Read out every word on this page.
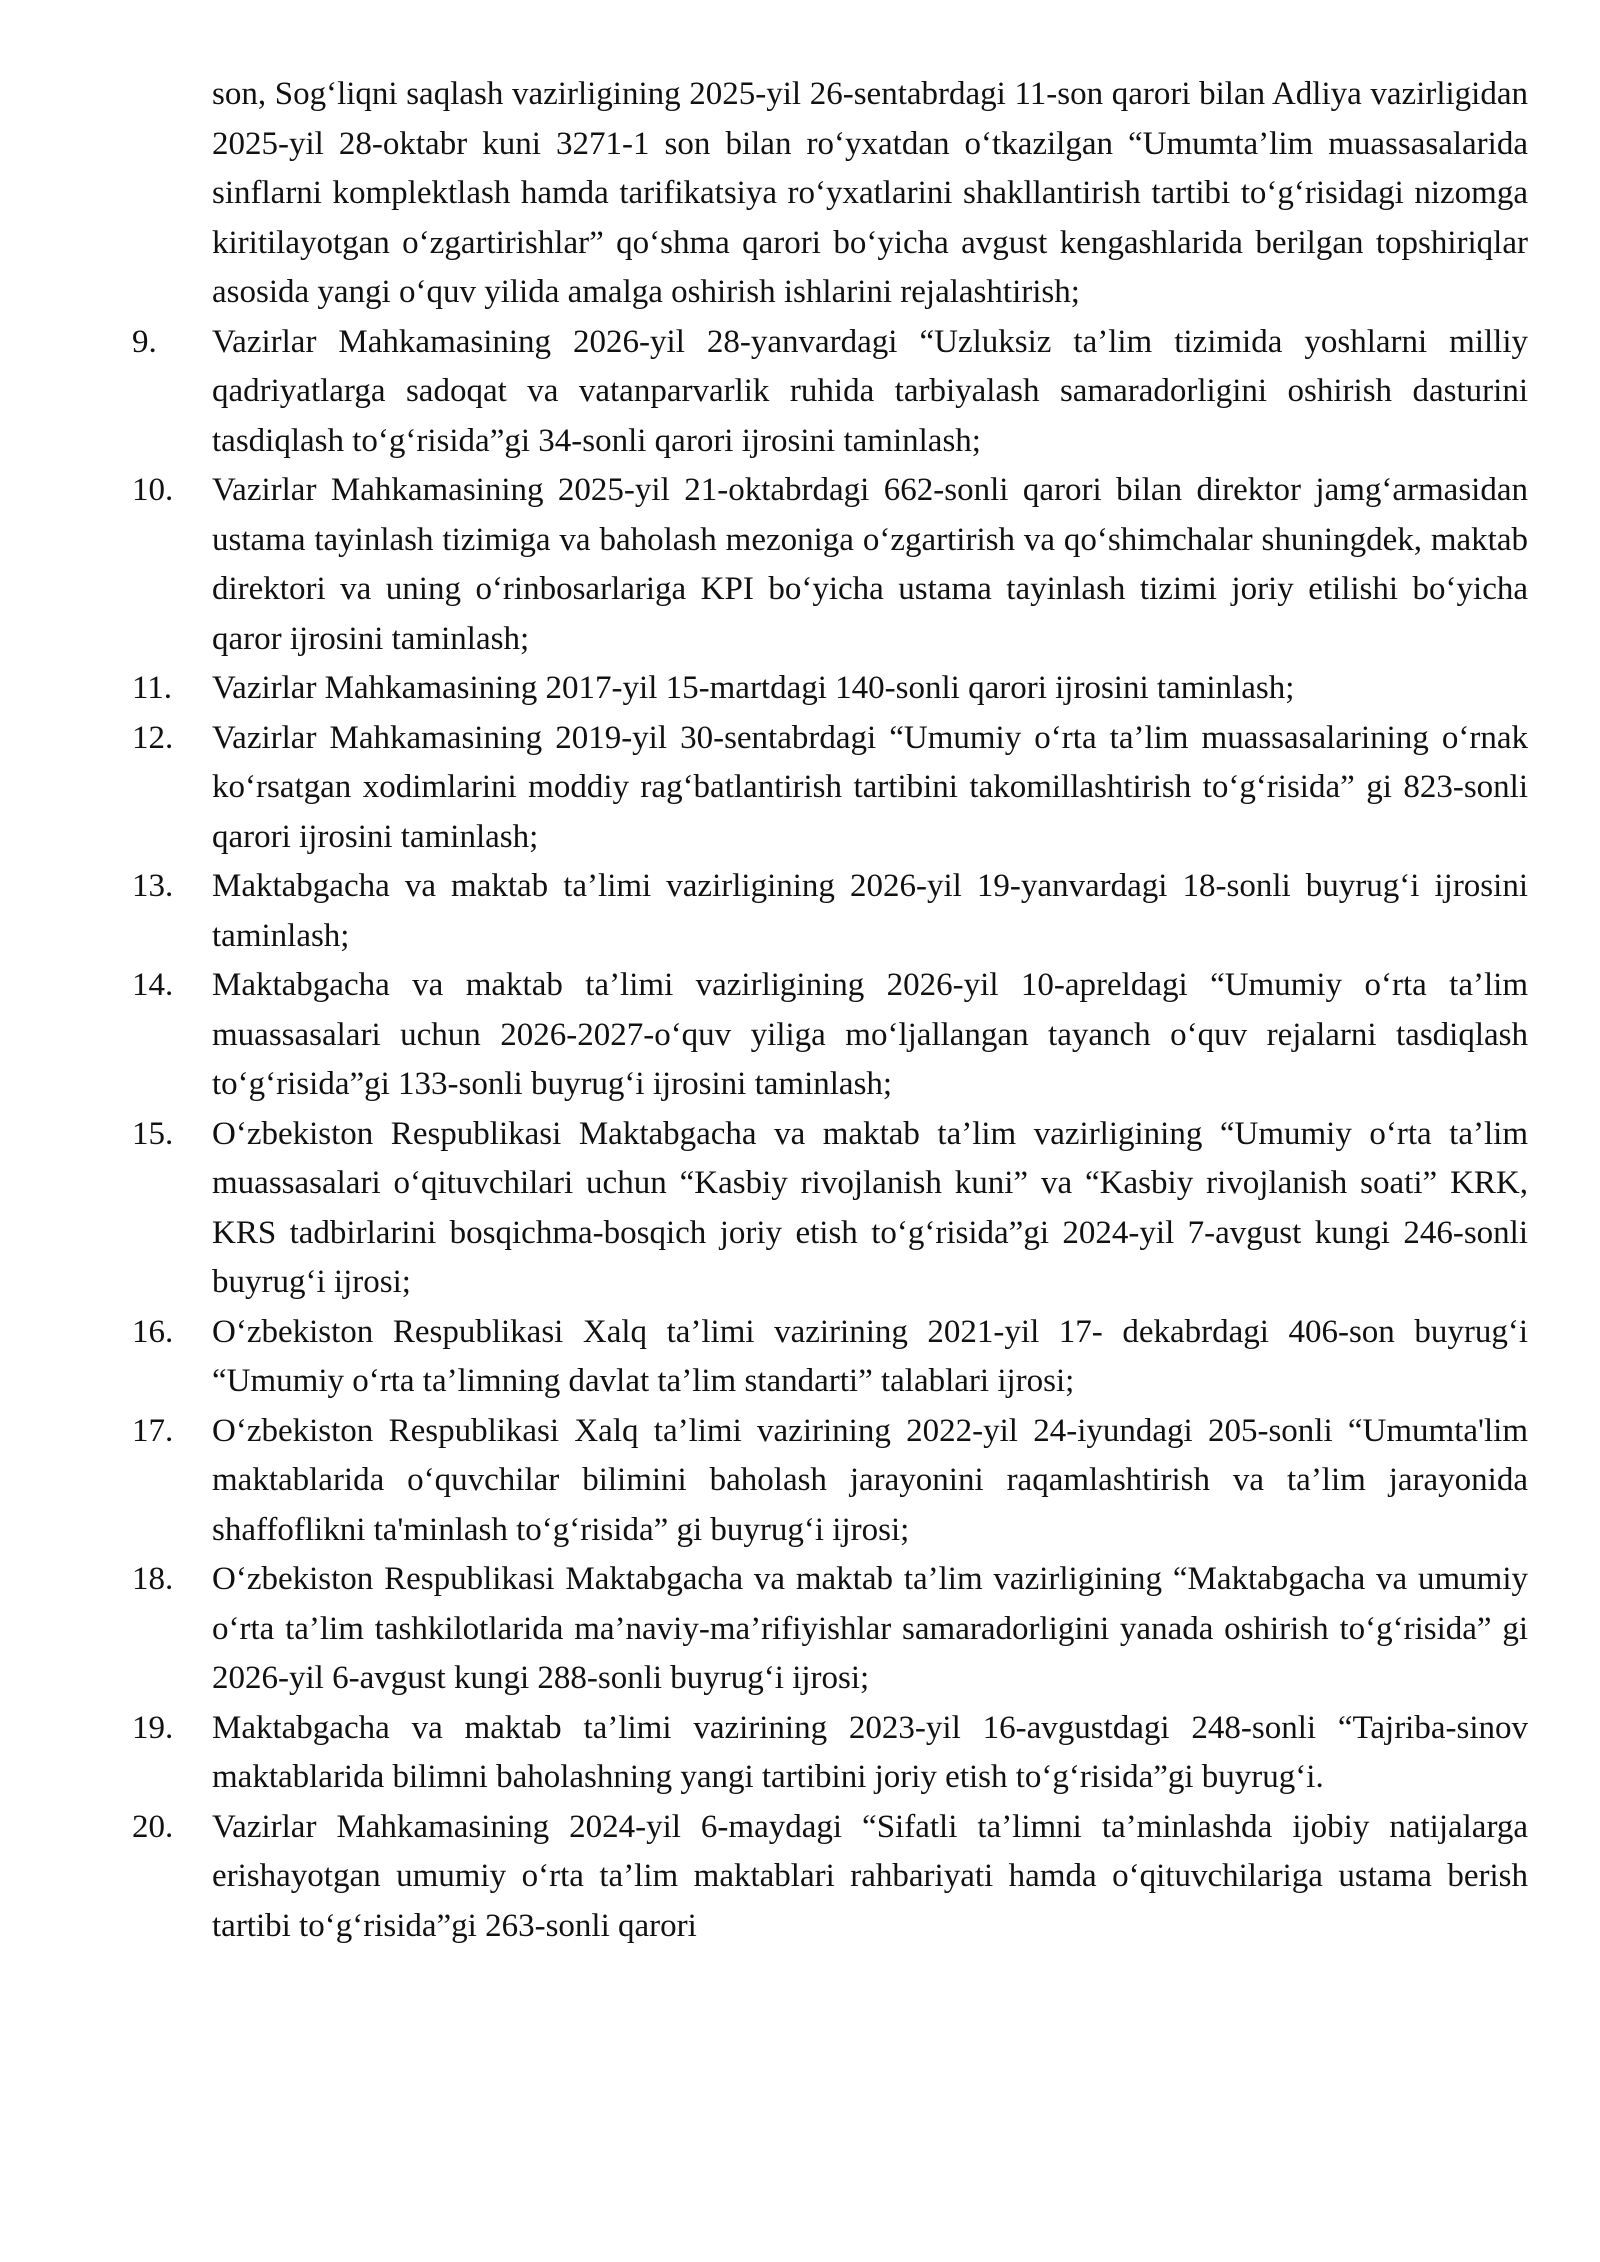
son, Sog‘liqni saqlash vazirligining 2025-yil 26-sentabrdagi 11-son qarori bilan Adliya vazirligidan 2025-yil 28-oktabr kuni 3271-1 son bilan ro‘yxatdan o‘tkazilgan “Umumta’lim muassasalarida sinflarni komplektlash hamda tarifikatsiya ro‘yxatlarini shakllantirish tartibi to‘g‘risidagi nizomga kiritilayotgan o‘zgartirishlar” qo‘shma qarori bo‘yicha avgust kengashlarida berilgan topshiriqlar asosida yangi o‘quv yilida amalga oshirish ishlarini rejalashtirish;
9. Vazirlar Mahkamasining 2026-yil 28-yanvardagi “Uzluksiz ta’lim tizimida yoshlarni milliy qadriyatlarga sadoqat va vatanparvarlik ruhida tarbiyalash samaradorligini oshirish dasturini tasdiqlash to‘g‘risida”gi 34-sonli qarori ijrosini taminlash;
10. Vazirlar Mahkamasining 2025-yil 21-oktabrdagi 662-sonli qarori bilan direktor jamg‘armasidan ustama tayinlash tizimiga va baholash mezoniga o‘zgartirish va qo‘shimchalar shuningdek, maktab direktori va uning o‘rinbosarlariga KPI bo‘yicha ustama tayinlash tizimi joriy etilishi bo‘yicha qaror ijrosini taminlash;
11. Vazirlar Mahkamasining 2017-yil 15-martdagi 140-sonli qarori ijrosini taminlash;
12. Vazirlar Mahkamasining 2019-yil 30-sentabrdagi “Umumiy o‘rta ta’lim muassasalarining o‘rnak ko‘rsatgan xodimlarini moddiy rag‘batlantirish tartibini takomillashtirish to‘g‘risida” gi 823-sonli qarori ijrosini taminlash;
13. Maktabgacha va maktab ta’limi vazirligining 2026-yil 19-yanvardagi 18-sonli buyrug‘i ijrosini taminlash;
14. Maktabgacha va maktab ta’limi vazirligining 2026-yil 10-apreldagi “Umumiy o‘rta ta’lim muassasalari uchun 2026-2027-o‘quv yiliga mo‘ljallangan tayanch o‘quv rejalarni tasdiqlash to‘g‘risida”gi 133-sonli buyrug‘i ijrosini taminlash;
15. O‘zbekiston Respublikasi Maktabgacha va maktab ta’lim vazirligining “Umumiy o‘rta ta’lim muassasalari o‘qituvchilari uchun “Kasbiy rivojlanish kuni” va “Kasbiy rivojlanish soati” KRK, KRS tadbirlarini bosqichma-bosqich joriy etish to‘g‘risida”gi 2024-yil 7-avgust kungi 246-sonli buyrug‘i ijrosi;
16. O‘zbekiston Respublikasi Xalq ta’limi vazirining 2021-yil 17- dekabrdagi 406-son buyrug‘i “Umumiy o‘rta ta’limning davlat ta’lim standarti” talablari ijrosi;
17. O‘zbekiston Respublikasi Xalq ta’limi vazirining 2022-yil 24-iyundagi 205-sonli “Umumta'lim maktablarida o‘quvchilar bilimini baholash jarayonini raqamlashtirish va ta’lim jarayonida shaffoflikni ta'minlash to‘g‘risida” gi buyrug‘i ijrosi;
18. O‘zbekiston Respublikasi Maktabgacha va maktab ta’lim vazirligining “Maktabgacha va umumiy o‘rta ta’lim tashkilotlarida ma’naviy-ma’rifiyishlar samaradorligini yanada oshirish to‘g‘risida” gi 2026-yil 6-avgust kungi 288-sonli buyrug‘i ijrosi;
19. Maktabgacha va maktab ta’limi vazirining 2023-yil 16-avgustdagi 248-sonli “Tajriba-sinov maktablarida bilimni baholashning yangi tartibini joriy etish to‘g‘risida”gi buyrug‘i.
20. Vazirlar Mahkamasining 2024-yil 6-maydagi “Sifatli ta’limni ta’minlashda ijobiy natijalarga erishayotgan umumiy o‘rta ta’lim maktablari rahbariyati hamda o‘qituvchilariga ustama berish tartibi to‘g‘risida”gi 263-sonli qarori
